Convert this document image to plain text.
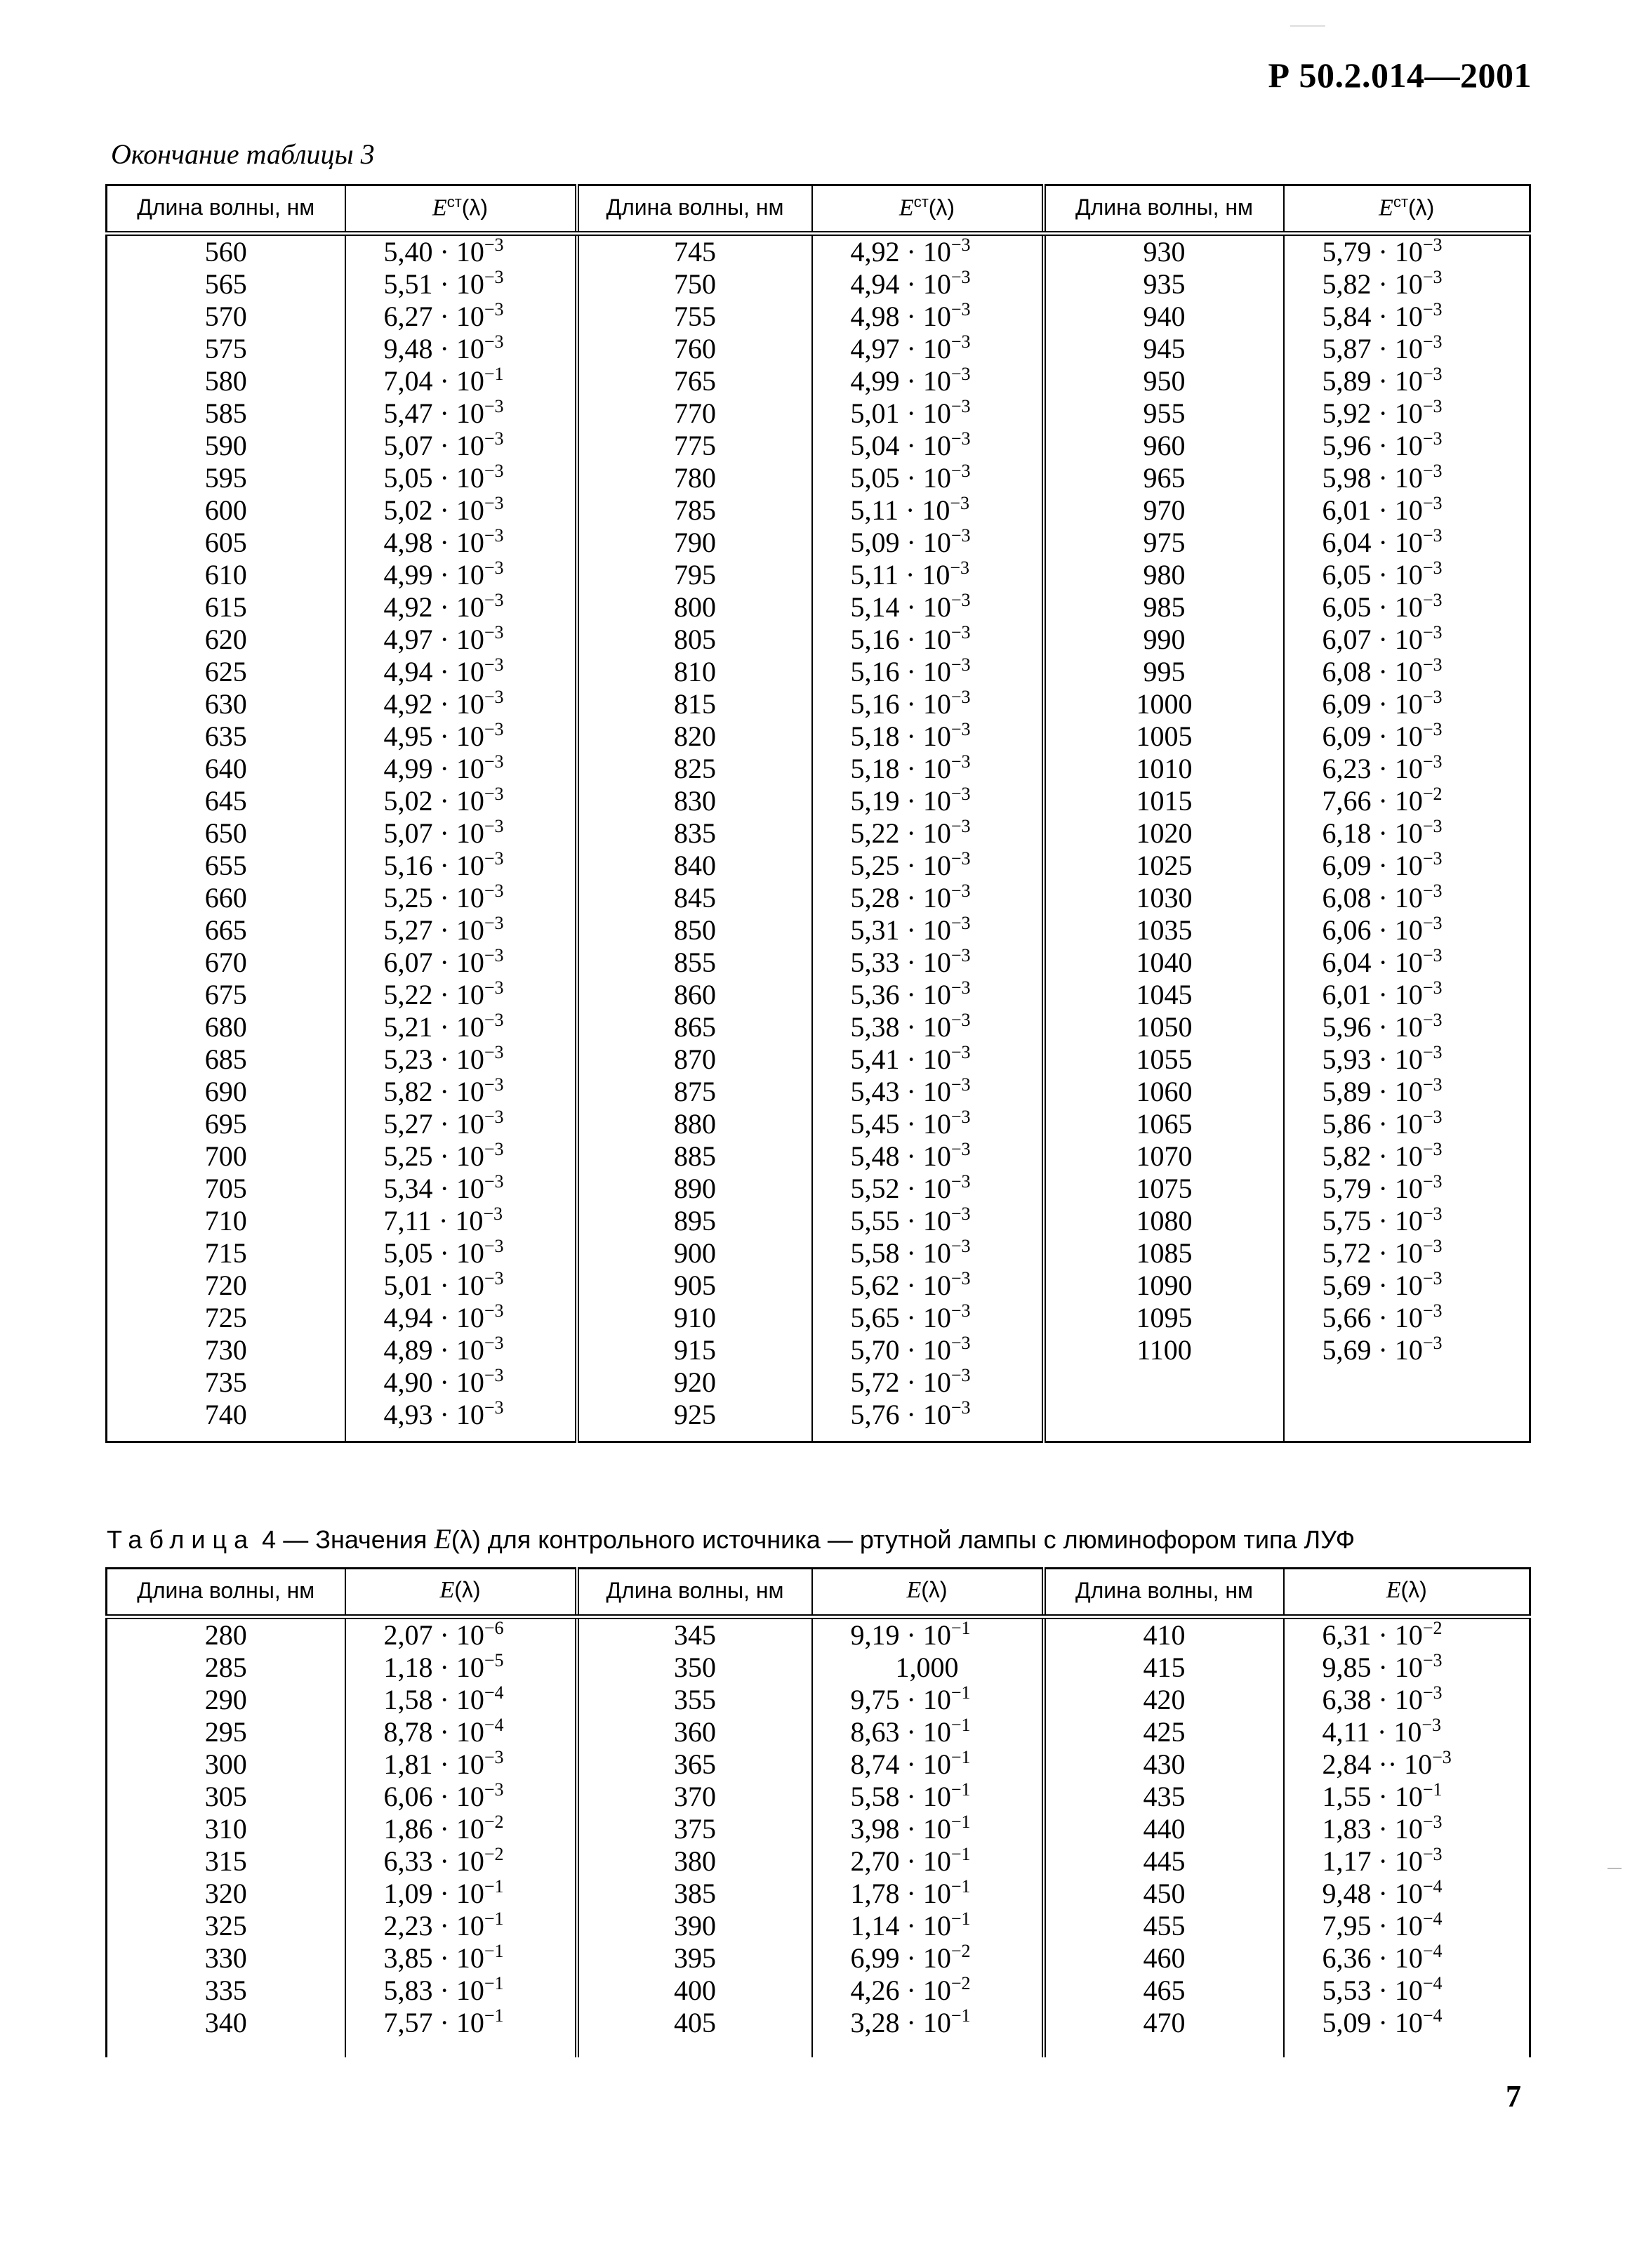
Р 50.2.014—2001
Окончание таблицы 3
Длина волны, нм	$E^{ст}(\lambda)$	Длина волны, нм	$E^{ст}(\lambda)$	Длина волны, нм	$E^{ст}(\lambda)$

560	$5,40 \cdot 10^{-3}$	745	$4,92 \cdot 10^{-3}$	930	$5,79 \cdot 10^{-3}$

565	$5,51 \cdot 10^{-3}$	750	$4,94 \cdot 10^{-3}$	935	$5,82 \cdot 10^{-3}$

570	$6,27 \cdot 10^{-3}$	755	$4,98 \cdot 10^{-3}$	940	$5,84 \cdot 10^{-3}$

575	$9,48 \cdot 10^{-3}$	760	$4,97 \cdot 10^{-3}$	945	$5,87 \cdot 10^{-3}$

580	$7,04 \cdot 10^{-1}$	765	$4,99 \cdot 10^{-3}$	950	$5,89 \cdot 10^{-3}$

585	$5,47 \cdot 10^{-3}$	770	$5,01 \cdot 10^{-3}$	955	$5,92 \cdot 10^{-3}$

590	$5,07 \cdot 10^{-3}$	775	$5,04 \cdot 10^{-3}$	960	$5,96 \cdot 10^{-3}$

595	$5,05 \cdot 10^{-3}$	780	$5,05 \cdot 10^{-3}$	965	$5,98 \cdot 10^{-3}$

600	$5,02 \cdot 10^{-3}$	785	$5,11 \cdot 10^{-3}$	970	$6,01 \cdot 10^{-3}$

605	$4,98 \cdot 10^{-3}$	790	$5,09 \cdot 10^{-3}$	975	$6,04 \cdot 10^{-3}$

610	$4,99 \cdot 10^{-3}$	795	$5,11 \cdot 10^{-3}$	980	$6,05 \cdot 10^{-3}$

615	$4,92 \cdot 10^{-3}$	800	$5,14 \cdot 10^{-3}$	985	$6,05 \cdot 10^{-3}$

620	$4,97 \cdot 10^{-3}$	805	$5,16 \cdot 10^{-3}$	990	$6,07 \cdot 10^{-3}$

625	$4,94 \cdot 10^{-3}$	810	$5,16 \cdot 10^{-3}$	995	$6,08 \cdot 10^{-3}$

630	$4,92 \cdot 10^{-3}$	815	$5,16 \cdot 10^{-3}$	1000	$6,09 \cdot 10^{-3}$

635	$4,95 \cdot 10^{-3}$	820	$5,18 \cdot 10^{-3}$	1005	$6,09 \cdot 10^{-3}$

640	$4,99 \cdot 10^{-3}$	825	$5,18 \cdot 10^{-3}$	1010	$6,23 \cdot 10^{-3}$

645	$5,02 \cdot 10^{-3}$	830	$5,19 \cdot 10^{-3}$	1015	$7,66 \cdot 10^{-2}$

650	$5,07 \cdot 10^{-3}$	835	$5,22 \cdot 10^{-3}$	1020	$6,18 \cdot 10^{-3}$

655	$5,16 \cdot 10^{-3}$	840	$5,25 \cdot 10^{-3}$	1025	$6,09 \cdot 10^{-3}$

660	$5,25 \cdot 10^{-3}$	845	$5,28 \cdot 10^{-3}$	1030	$6,08 \cdot 10^{-3}$

665	$5,27 \cdot 10^{-3}$	850	$5,31 \cdot 10^{-3}$	1035	$6,06 \cdot 10^{-3}$

670	$6,07 \cdot 10^{-3}$	855	$5,33 \cdot 10^{-3}$	1040	$6,04 \cdot 10^{-3}$

675	$5,22 \cdot 10^{-3}$	860	$5,36 \cdot 10^{-3}$	1045	$6,01 \cdot 10^{-3}$

680	$5,21 \cdot 10^{-3}$	865	$5,38 \cdot 10^{-3}$	1050	$5,96 \cdot 10^{-3}$

685	$5,23 \cdot 10^{-3}$	870	$5,41 \cdot 10^{-3}$	1055	$5,93 \cdot 10^{-3}$

690	$5,82 \cdot 10^{-3}$	875	$5,43 \cdot 10^{-3}$	1060	$5,89 \cdot 10^{-3}$

695	$5,27 \cdot 10^{-3}$	880	$5,45 \cdot 10^{-3}$	1065	$5,86 \cdot 10^{-3}$

700	$5,25 \cdot 10^{-3}$	885	$5,48 \cdot 10^{-3}$	1070	$5,82 \cdot 10^{-3}$

705	$5,34 \cdot 10^{-3}$	890	$5,52 \cdot 10^{-3}$	1075	$5,79 \cdot 10^{-3}$

710	$7,11 \cdot 10^{-3}$	895	$5,55 \cdot 10^{-3}$	1080	$5,75 \cdot 10^{-3}$

715	$5,05 \cdot 10^{-3}$	900	$5,58 \cdot 10^{-3}$	1085	$5,72 \cdot 10^{-3}$

720	$5,01 \cdot 10^{-3}$	905	$5,62 \cdot 10^{-3}$	1090	$5,69 \cdot 10^{-3}$

725	$4,94 \cdot 10^{-3}$	910	$5,65 \cdot 10^{-3}$	1095	$5,66 \cdot 10^{-3}$

730	$4,89 \cdot 10^{-3}$	915	$5,70 \cdot 10^{-3}$	1100	$5,69 \cdot 10^{-3}$

735	$4,90 \cdot 10^{-3}$	920	$5,72 \cdot 10^{-3}$

740	$4,93 \cdot 10^{-3}$	925	$5,76 \cdot 10^{-3}$

Таблица 4 — Значения E(λ) для контрольного источника — ртутной лампы с люминофором типа ЛУФ
Длина волны, нм	E(λ)	Длина волны, нм	E(λ)	Длина волны, нм	E(λ)

280	$2,07 \cdot 10^{-6}$	345	$9,19 \cdot 10^{-1}$	410	$6,31 \cdot 10^{-2}$

285	$1,18 \cdot 10^{-5}$	350	1,000	415	$9,85 \cdot 10^{-3}$

290	$1,58 \cdot 10^{-4}$	355	$9,75 \cdot 10^{-1}$	420	$6,38 \cdot 10^{-3}$

295	$8,78 \cdot 10^{-4}$	360	$8,63 \cdot 10^{-1}$	425	$4,11 \cdot 10^{-3}$

300	$1,81 \cdot 10^{-3}$	365	$8,74 \cdot 10^{-1}$	430	$2,84 \cdot\cdot 10^{-3}$

305	$6,06 \cdot 10^{-3}$	370	$5,58 \cdot 10^{-1}$	435	$1,55 \cdot 10^{-1}$

310	$1,86 \cdot 10^{-2}$	375	$3,98 \cdot 10^{-1}$	440	$1,83 \cdot 10^{-3}$

315	$6,33 \cdot 10^{-2}$	380	$2,70 \cdot 10^{-1}$	445	$1,17 \cdot 10^{-3}$

320	$1,09 \cdot 10^{-1}$	385	$1,78 \cdot 10^{-1}$	450	$9,48 \cdot 10^{-4}$

325	$2,23 \cdot 10^{-1}$	390	$1,14 \cdot 10^{-1}$	455	$7,95 \cdot 10^{-4}$

330	$3,85 \cdot 10^{-1}$	395	$6,99 \cdot 10^{-2}$	460	$6,36 \cdot 10^{-4}$

335	$5,83 \cdot 10^{-1}$	400	$4,26 \cdot 10^{-2}$	465	$5,53 \cdot 10^{-4}$

340	$7,57 \cdot 10^{-1}$	405	$3,28 \cdot 10^{-1}$	470	$5,09 \cdot 10^{-4}$

7
